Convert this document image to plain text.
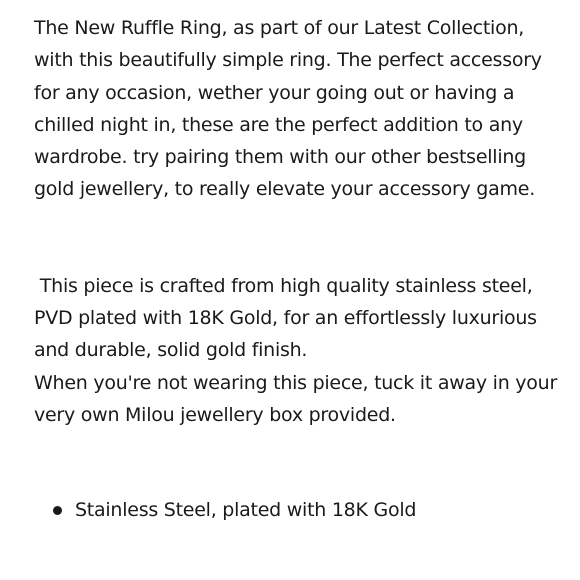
The New Ruffle Ring, as part of our Latest Collection, with this beautifully simple ring. The perfect accessory for any occasion, wether your going out or having a chilled night in, these are the perfect addition to any wardrobe. try pairing them with our other bestselling gold jewellery, to really elevate your accessory game.

This piece is crafted from high quality stainless steel, PVD plated with 18K Gold, for an effortlessly luxurious and durable, solid gold finish.

When you're not wearing this piece, tuck it away in your very own Milou jewellery box provided.

Stainless Steel, plated with 18K Gold
